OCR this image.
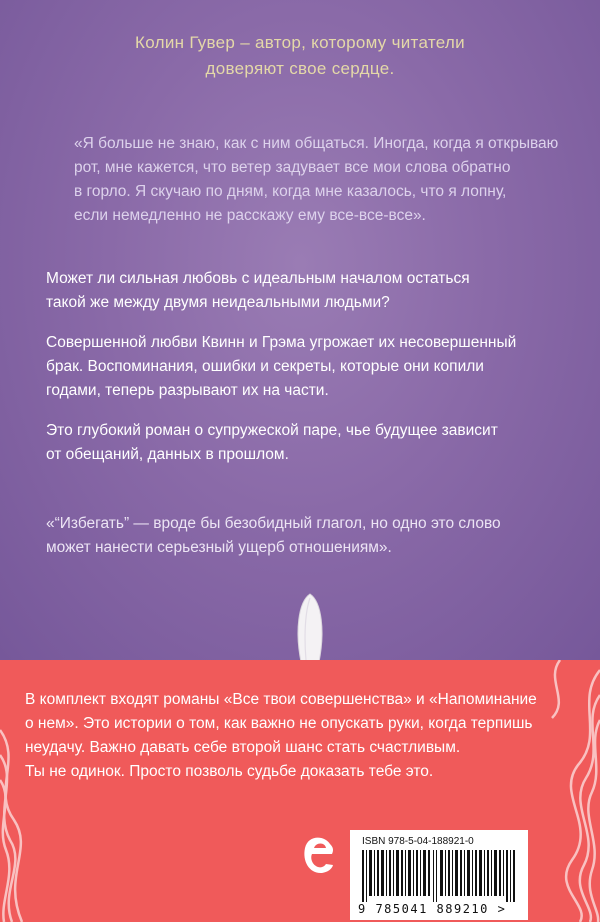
Колин Гувер – автор, которому читатели
доверяют свое сердце.
«Я больше не знаю, как с ним общаться. Иногда, когда я открываю
рот, мне кажется, что ветер задувает все мои слова обратно
в горло. Я скучаю по дням, когда мне казалось, что я лопну,
если немедленно не расскажу ему все-все-все».
Может ли сильная любовь с идеальным началом остаться
такой же между двумя неидеальными людьми?
Совершенной любви Квинн и Грэма угрожает их несовершенный
брак. Воспоминания, ошибки и секреты, которые они копили
годами, теперь разрывают их на части.
Это глубокий роман о супружеской паре, чье будущее зависит
от обещаний, данных в прошлом.
«“Избегать” — вроде бы безобидный глагол, но одно это слово
может нанести серьезный ущерб отношениям».
В комплект входят романы «Все твои совершенства» и «Напоминание
о нем». Это истории о том, как важно не опускать руки, когда терпишь
неудачу. Важно давать себе второй шанс стать счастливым.
Ты не одинок. Просто позволь судьбе доказать тебе это.
ISBN 978-5-04-188921-0
9 785041 889210 >
